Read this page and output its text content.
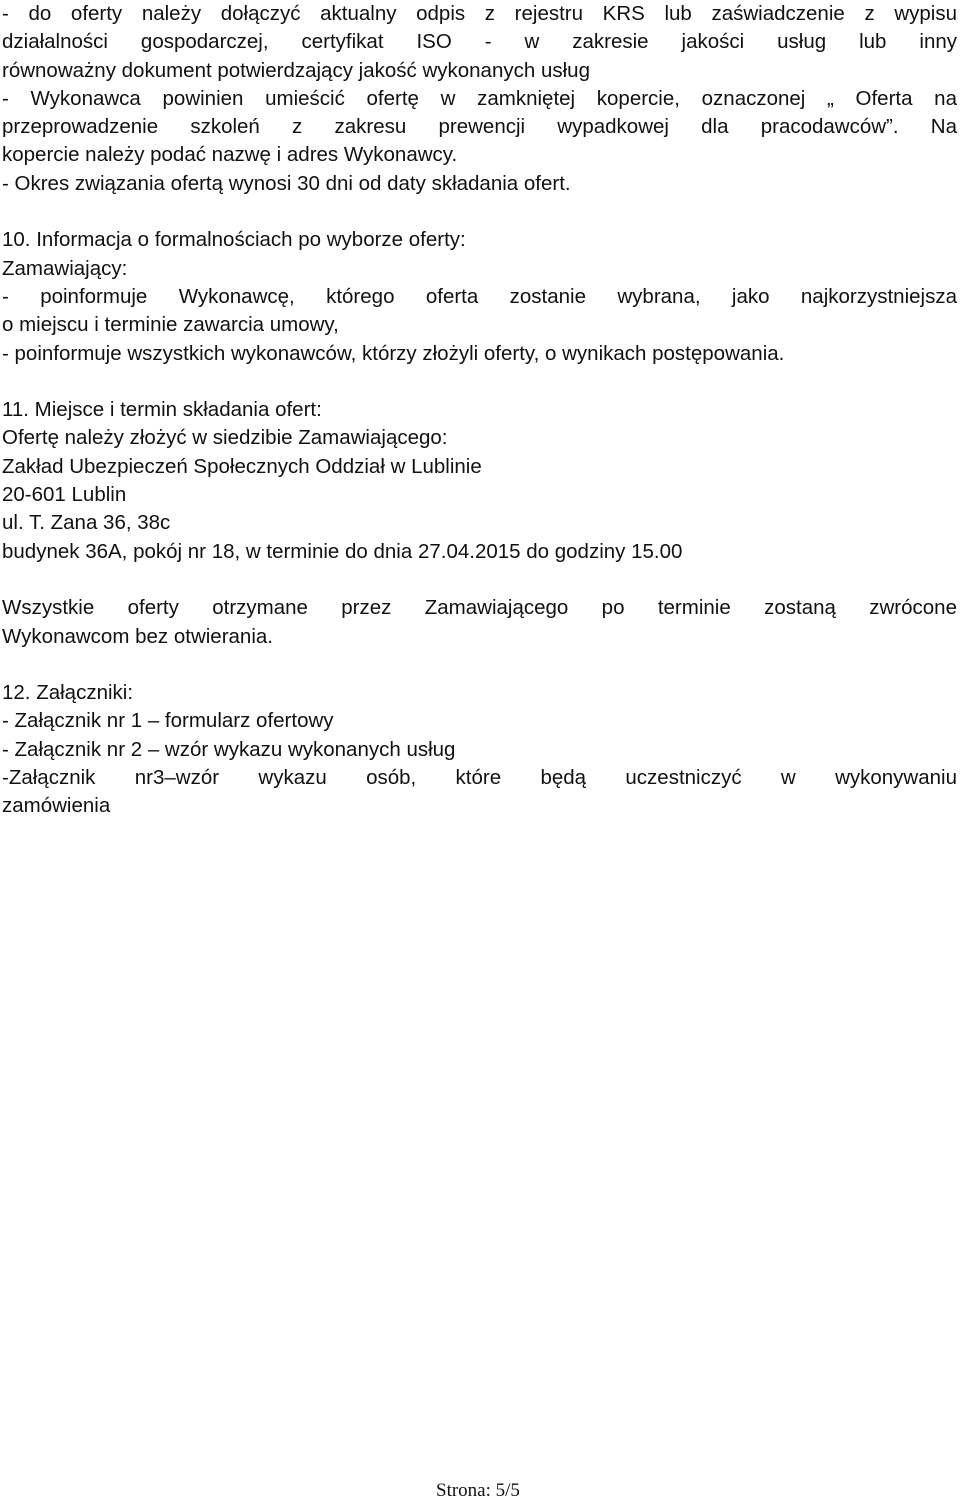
- do oferty należy dołączyć aktualny odpis z rejestru KRS lub zaświadczenie z wypisu
działalności gospodarczej, certyfikat ISO - w zakresie jakości usług lub inny
równoważny dokument potwierdzający jakość wykonanych usług
- Wykonawca powinien umieścić ofertę w zamkniętej kopercie, oznaczonej „ Oferta na
przeprowadzenie szkoleń z zakresu prewencji wypadkowej dla pracodawców”. Na
kopercie należy podać nazwę i adres Wykonawcy.
- Okres związania ofertą wynosi 30 dni od daty składania ofert.
10. Informacja o formalnościach po wyborze oferty:
Zamawiający:
- poinformuje Wykonawcę, którego oferta zostanie wybrana, jako najkorzystniejsza
o miejscu i terminie zawarcia umowy,
- poinformuje wszystkich wykonawców, którzy złożyli oferty, o wynikach postępowania.
11. Miejsce i termin składania ofert:
Ofertę należy złożyć w siedzibie Zamawiającego:
Zakład Ubezpieczeń Społecznych Oddział w Lublinie
20-601 Lublin
ul. T. Zana 36, 38c
budynek 36A, pokój nr 18, w terminie do dnia 27.04.2015 do godziny 15.00
Wszystkie oferty otrzymane przez Zamawiającego po terminie zostaną zwrócone
Wykonawcom bez otwierania.
12. Załączniki:
- Załącznik nr 1 – formularz ofertowy
- Załącznik nr 2 – wzór wykazu wykonanych usług
-Załącznik nr3–wzór wykazu osób, które będą uczestniczyć w wykonywaniu
zamówienia
Strona: 5/5
